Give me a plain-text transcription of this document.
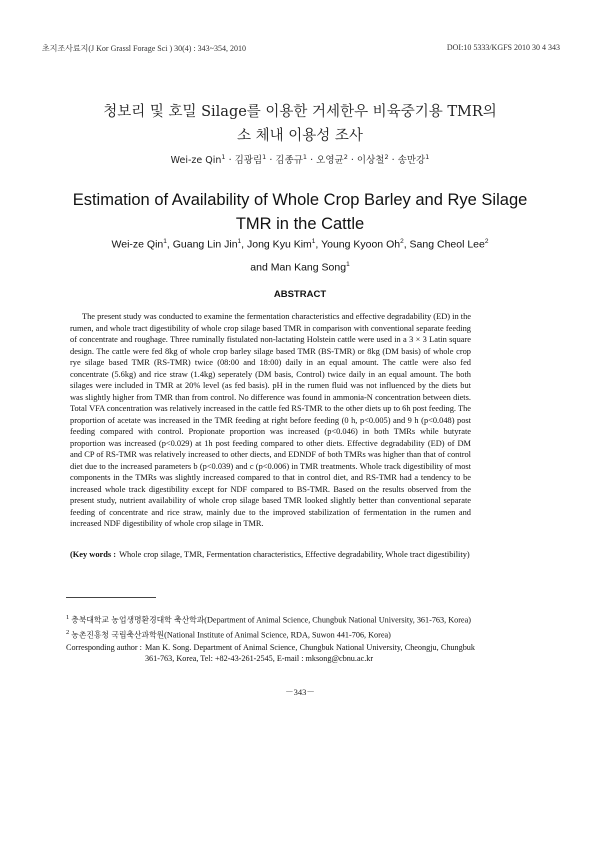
초지조사료지(J Kor Grassl Forage Sci ) 30(4) : 343~354, 2010	DOI:10 5333/KGFS 2010 30 4 343
청보리 및 호밀 Silage를 이용한 거세한우 비육중기용 TMR의
소 체내 이용성 조사
Wei-ze Qin$^1$ · 김광림$^1$ · 김종규$^1$ · 오영균$^2$ · 이상철$^2$ · 송만강$^1$
Estimation of Availability of Whole Crop Barley and Rye Silage
TMR in the Cattle
Wei-ze Qin$^1$, Guang Lin Jin$^1$, Jong Kyu Kim$^1$, Young Kyoon Oh$^2$, Sang Cheol Lee$^2$
and Man Kang Song$^1$
ABSTRACT
The present study was conducted to examine the fermentation characteristics and effective degradability (ED) in the rumen, and whole tract digestibility of whole crop silage based TMR in comparison with conventional separate feeding of concentrate and roughage. Three ruminally fistulated non-lactating Holstein cattle were used in a 3 × 3 Latin square design. The cattle were fed 8kg of whole crop barley silage based TMR (BS-TMR) or 8kg (DM basis) of whole crop rye silage based TMR (RS-TMR) twice (08:00 and 18:00) daily in an equal amount. The cattle were also fed concentrate (5.6kg) and rice straw (1.4kg) seperately (DM basis, Control) twice daily in an equal amount. The both silages were included in TMR at 20% level (as fed basis). pH in the rumen fluid was not influenced by the diets but was slightly higher from TMR than from control. No difference was found in ammonia-N concentration between diets. Total VFA concentration was relatively increased in the cattle fed RS-TMR to the other diets up to 6h post feeding. The proportion of acetate was increased in the TMR feeding at right before feeding (0 h, p<0.005) and 9 h (p<0.048) post feeding compared with control. Propionate proportion was increased (p<0.046) in both TMRs while butyrate proportion was increased (p<0.029) at 1h post feeding compared to other diets. Effective degradability (ED) of DM and CP of RS-TMR was relatively increased to other diects, and EDNDF of both TMRs was higher than that of control diet due to the increased parameters b (p<0.039) and c (p<0.006) in TMR treatments. Whole track digestibility of most components in the TMRs was slightly increased compared to that in control diet, and RS-TMR had a tendency to be increased whole track digestibility except for NDF compared to BS-TMR. Based on the results observed from the present study, nutrient availability of whole crop silage based TMR looked slightly better than conventional separate feeding of concentrate and rice straw, mainly due to the improved stabilization of fermentation in the rumen and increased NDF digestibility of whole crop silage in TMR.
(Key words : Whole crop silage, TMR, Fermentation characteristics, Effective degradability, Whole tract digestibility)
$^1$ 충북대학교 농업생명환경대학 축산학과(Department of Animal Science, Chungbuk National University, 361-763, Korea)
$^2$ 농촌진흥청 국립축산과학원(National Institute of Animal Science, RDA, Suwon 441-706, Korea)
Corresponding author : Man K. Song. Department of Animal Science, Chungbuk National University, Cheongju, Chungbuk 361-763, Korea, Tel: +82-43-261-2545, E-mail : mksong@cbnu.ac.kr
－343－
